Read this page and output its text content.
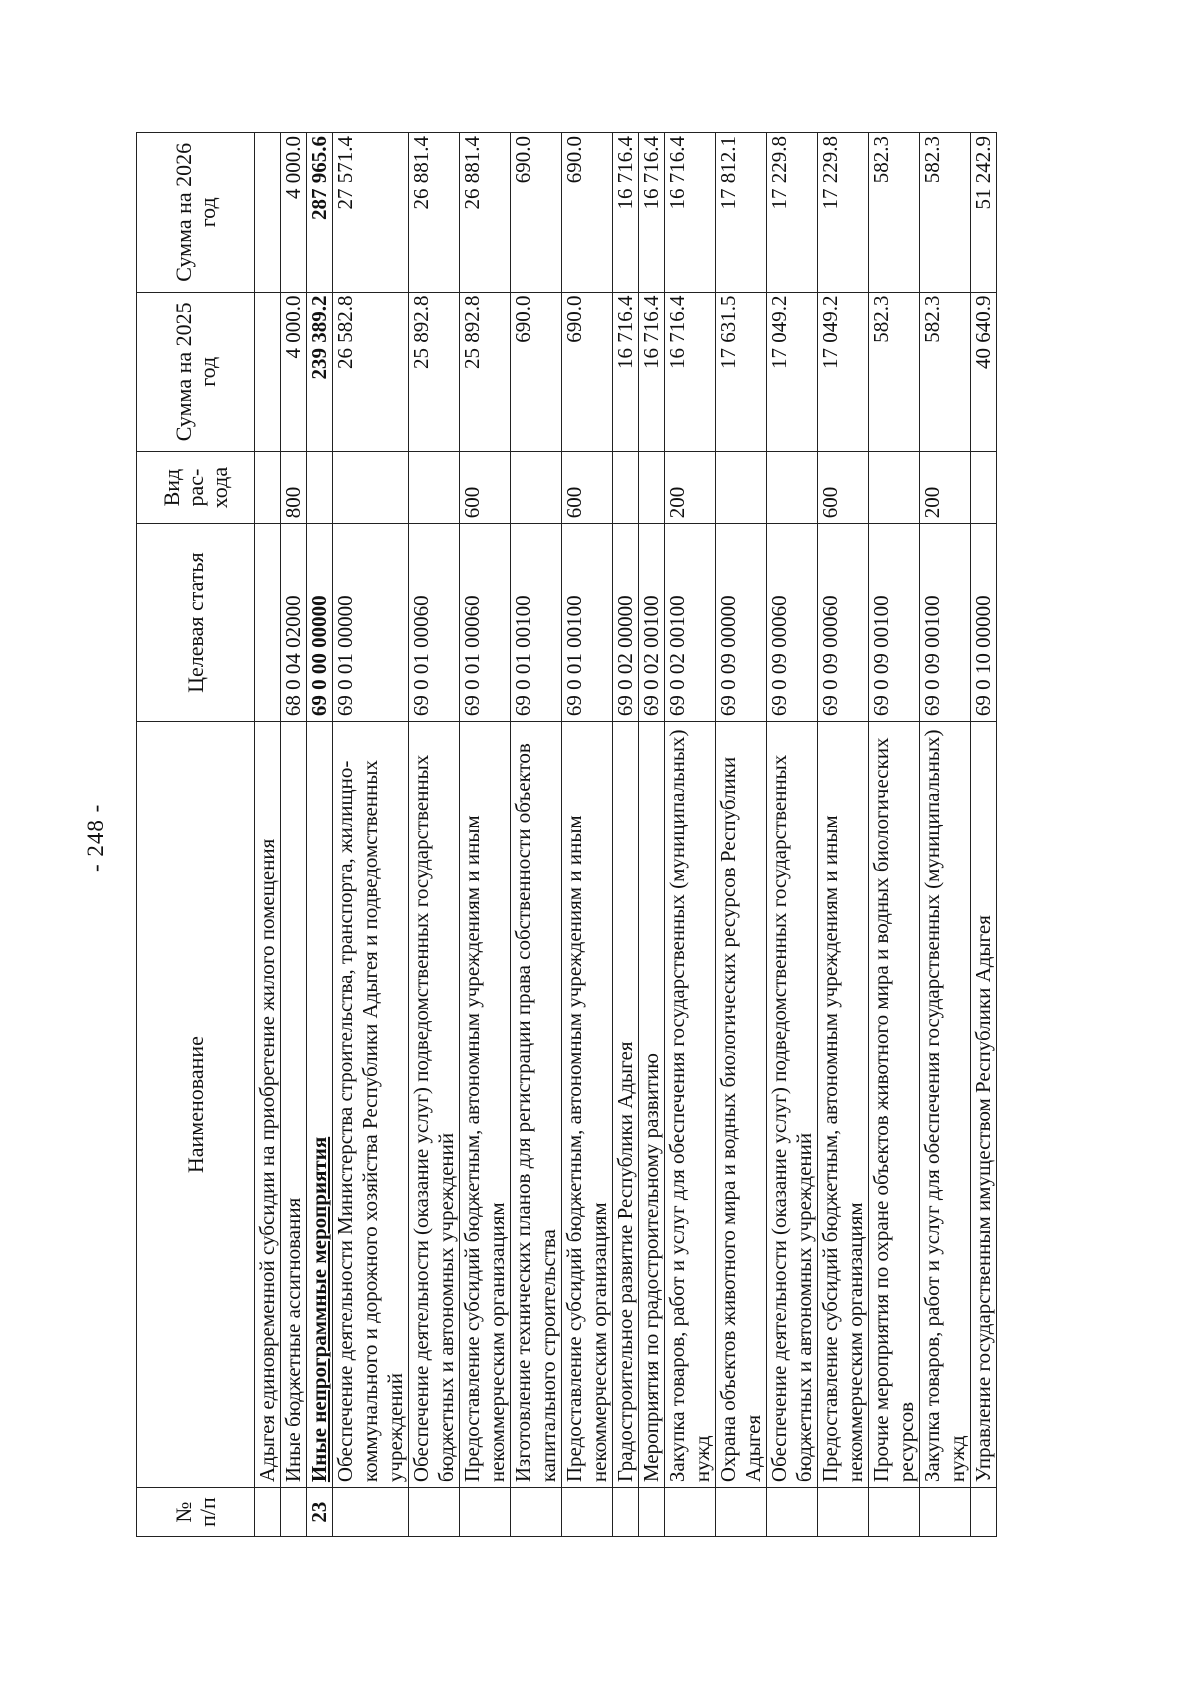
- 248 -
№ п/п	Наименование	Целевая статья	Вид рас-хода	Сумма на 2025 год	Сумма на 2026 год
	Адыгея единовременной субсидии на приобретение жилого помещения				
	Иные бюджетные ассигнования	68 0 04 02000	800	4 000.0	4 000.0
23	Иные непрограммные мероприятия	69 0 00 00000		239 389.2	287 965.6
	Обеспечение деятельности Министерства строительства, транспорта, жилищно-коммунального и дорожного хозяйства Республики Адыгея и подведомственных учреждений	69 0 01 00000		26 582.8	27 571.4
	Обеспечение деятельности (оказание услуг) подведомственных государственных бюджетных и автономных учреждений	69 0 01 00060		25 892.8	26 881.4
	Предоставление субсидий бюджетным, автономным учреждениям и иным некоммерческим организациям	69 0 01 00060	600	25 892.8	26 881.4
	Изготовление технических планов для регистрации права собственности объектов капитального строительства	69 0 01 00100		690.0	690.0
	Предоставление субсидий бюджетным, автономным учреждениям и иным некоммерческим организациям	69 0 01 00100	600	690.0	690.0
	Градостроительное развитие Республики Адыгея	69 0 02 00000		16 716.4	16 716.4
	Мероприятия по градостроительному развитию	69 0 02 00100		16 716.4	16 716.4
	Закупка товаров, работ и услуг для обеспечения государственных (муниципальных) нужд	69 0 02 00100	200	16 716.4	16 716.4
	Охрана объектов животного мира и водных биологических ресурсов Республики Адыгея	69 0 09 00000		17 631.5	17 812.1
	Обеспечение деятельности (оказание услуг) подведомственных государственных бюджетных и автономных учреждений	69 0 09 00060		17 049.2	17 229.8
	Предоставление субсидий бюджетным, автономным учреждениям и иным некоммерческим организациям	69 0 09 00060	600	17 049.2	17 229.8
	Прочие мероприятия по охране объектов животного мира и водных биологических ресурсов	69 0 09 00100		582.3	582.3
	Закупка товаров, работ и услуг для обеспечения государственных (муниципальных) нужд	69 0 09 00100	200	582.3	582.3
	Управление государственным имуществом Республики Адыгея	69 0 10 00000		40 640.9	51 242.9
